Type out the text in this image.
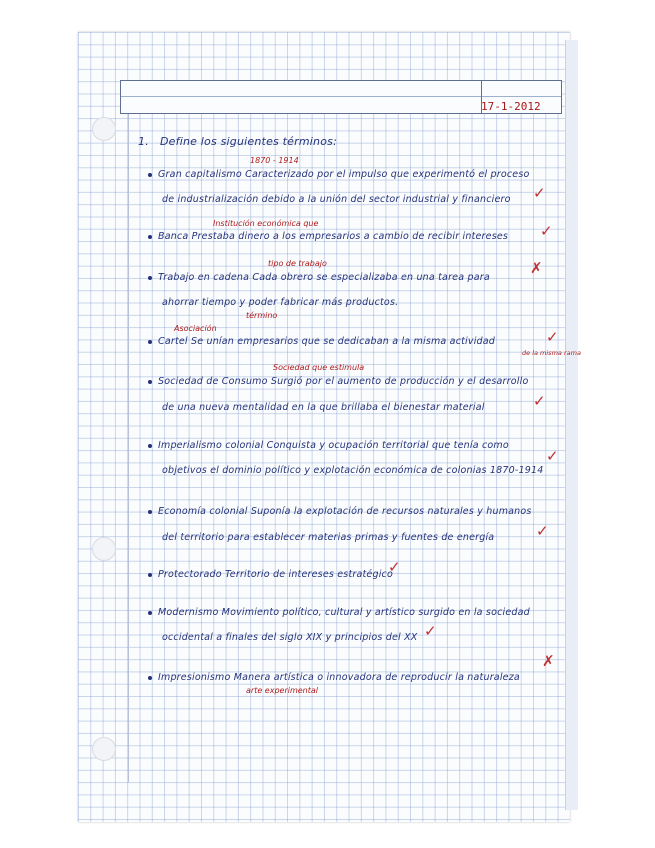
17-1-2012
1. Define los siguientes términos:
1870 - 1914
Gran capitalismo Caracterizado por el impulso que experimentó el proceso
de industrialización debido a la unión del sector industrial y financiero ✓
Institución económica que
Banca Prestaba dinero a los empresarios a cambio de recibir intereses ✓
tipo de trabajo
Trabajo en cadena Cada obrero se especializaba en una tarea para
ahorrar tiempo y poder fabricar más productos.
término
✗
Asociación
Cartel Se unían empresarios que se dedicaban a la misma actividad
de la misma rama
✓
Sociedad que estimula
Sociedad de Consumo Surgió por el aumento de producción y el desarrollo
de una nueva mentalidad en la que brillaba el bienestar material	✓
Imperialismo colonial Conquista y ocupación territorial que tenía como
objetivos el dominio político y explotación económica de colonias 1870-1914
✓
Economía colonial Suponía la explotación de recursos naturales y humanos
del territorio para establecer materias primas y fuentes de energía	✓
Protectorado Territorio de intereses estratégico
✓
Modernismo Movimiento político, cultural y artístico surgido en la sociedad
occidental a finales del siglo XIX y principios del XX ✓
Impresionismo Manera artística o innovadora de reproducir la naturaleza
arte experimental
✗
